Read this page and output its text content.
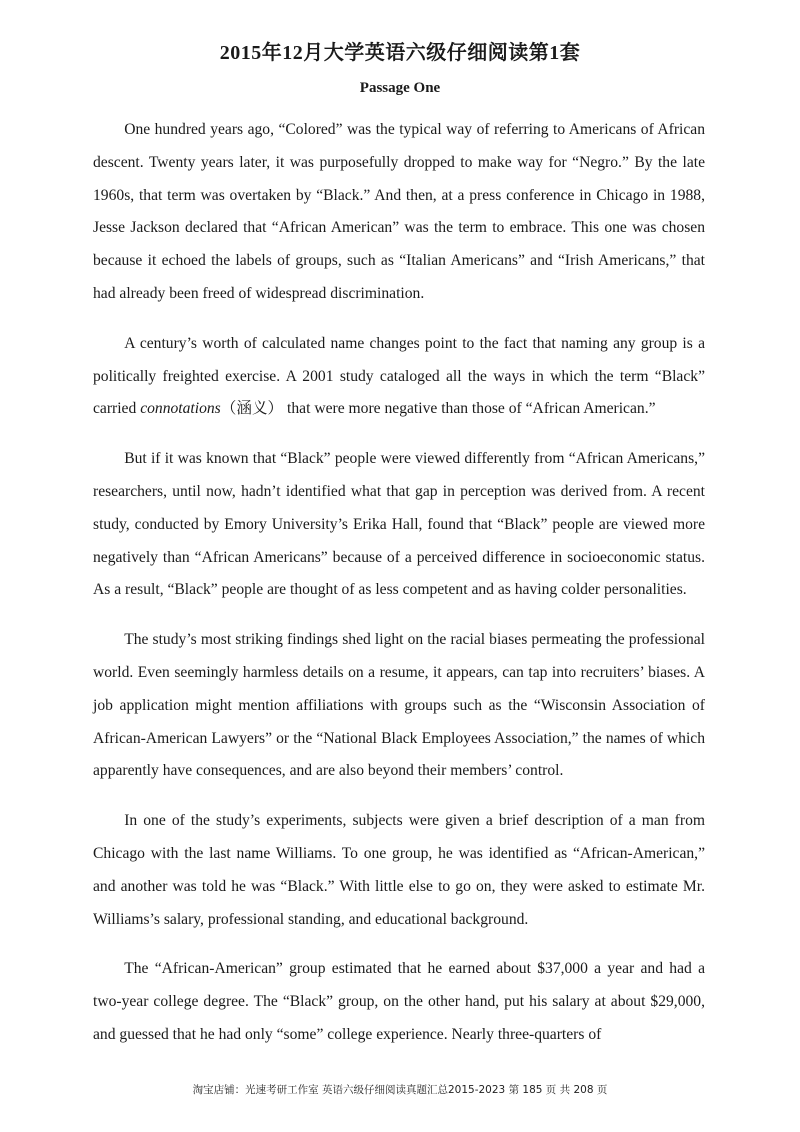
2015年12月大学英语六级仔细阅读第1套
Passage One

One hundred years ago, “Colored” was the typical way of referring to Americans of African descent. Twenty years later, it was purposefully dropped to make way for “Negro.” By the late 1960s, that term was overtaken by “Black.” And then, at a press conference in Chicago in 1988, Jesse Jackson declared that “African American” was the term to embrace. This one was chosen because it echoed the labels of groups, such as “Italian Americans” and “Irish Americans,” that had already been freed of widespread discrimination.

A century’s worth of calculated name changes point to the fact that naming any group is a politically freighted exercise. A 2001 study cataloged all the ways in which the term “Black” carried connotations（涵义） that were more negative than those of “African American.”

But if it was known that “Black” people were viewed differently from “African Americans,” researchers, until now, hadn’t identified what that gap in perception was derived from. A recent study, conducted by Emory University’s Erika Hall, found that “Black” people are viewed more negatively than “African Americans” because of a perceived difference in socioeconomic status. As a result, “Black” people are thought of as less competent and as having colder personalities.

The study’s most striking findings shed light on the racial biases permeating the professional world. Even seemingly harmless details on a resume, it appears, can tap into recruiters’ biases. A job application might mention affiliations with groups such as the “Wisconsin Association of African-American Lawyers” or the “National Black Employees Association,” the names of which apparently have consequences, and are also beyond their members’ control.

In one of the study’s experiments, subjects were given a brief description of a man from Chicago with the last name Williams. To one group, he was identified as “African-American,” and another was told he was “Black.” With little else to go on, they were asked to estimate Mr. Williams’s salary, professional standing, and educational background.

The “African-American” group estimated that he earned about $37,000 a year and had a two-year college degree. The “Black” group, on the other hand, put his salary at about $29,000, and guessed that he had only “some” college experience. Nearly three-quarters of

淘宝店铺：光速考研工作室 英语六级仔细阅读真题汇总2015-2023 第 185 页 共 208 页
